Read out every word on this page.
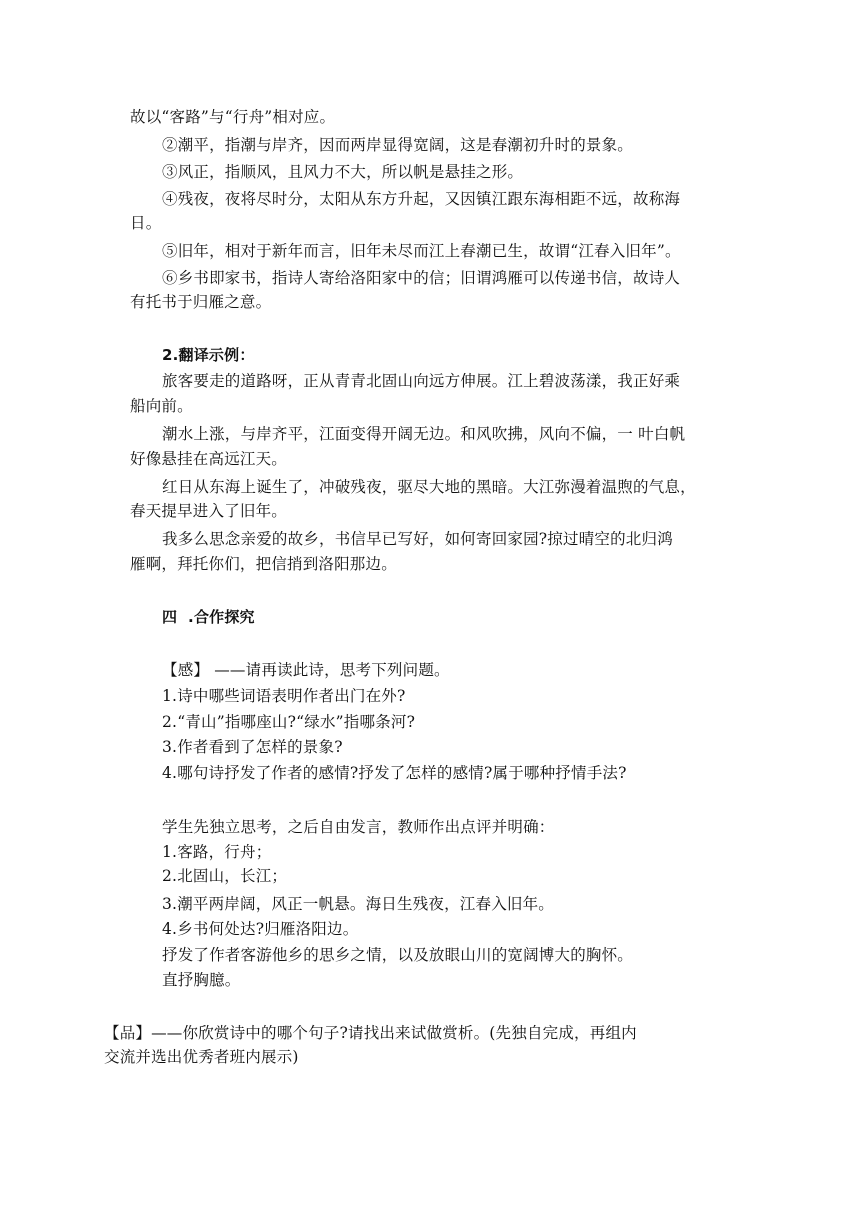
故以“客路”与“行舟”相对应。
②潮平，指潮与岸齐，因而两岸显得宽阔，这是春潮初升时的景象。
③风正，指顺风，且风力不大，所以帆是悬挂之形。
④残夜，夜将尽时分，太阳从东方升起，又因镇江跟东海相距不远，故称海
日。
⑤旧年，相对于新年而言，旧年未尽而江上春潮已生，故谓“江春入旧年”。
⑥乡书即家书，指诗人寄给洛阳家中的信；旧谓鸿雁可以传递书信，故诗人
有托书于归雁之意。
2.翻译示例：
旅客要走的道路呀，正从青青北固山向远方伸展。江上碧波荡漾，我正好乘
船向前。
潮水上涨，与岸齐平，江面变得开阔无边。和风吹拂，风向不偏，一 叶白帆
好像悬挂在高远江天。
红日从东海上诞生了，冲破残夜，驱尽大地的黑暗。大江弥漫着温煦的气息，
春天提早进入了旧年。
我多么思念亲爱的故乡，书信早已写好，如何寄回家园?掠过晴空的北归鸿
雁啊，拜托你们，把信捎到洛阳那边。
四  .合作探究
【感】 ——请再读此诗，思考下列问题。
1.诗中哪些词语表明作者出门在外?
2.“青山”指哪座山?“绿水”指哪条河?
3.作者看到了怎样的景象?
4.哪句诗抒发了作者的感情?抒发了怎样的感情?属于哪种抒情手法?
学生先独立思考，之后自由发言，教师作出点评并明确：
1.客路，行舟；
2.北固山，长江；
3.潮平两岸阔，风正一帆悬。海日生残夜，江春入旧年。
4.乡书何处达?归雁洛阳边。
抒发了作者客游他乡的思乡之情，以及放眼山川的宽阔博大的胸怀。
直抒胸臆。
【品】——你欣赏诗中的哪个句子?请找出来试做赏析。(先独自完成，再组内
交流并选出优秀者班内展示)
